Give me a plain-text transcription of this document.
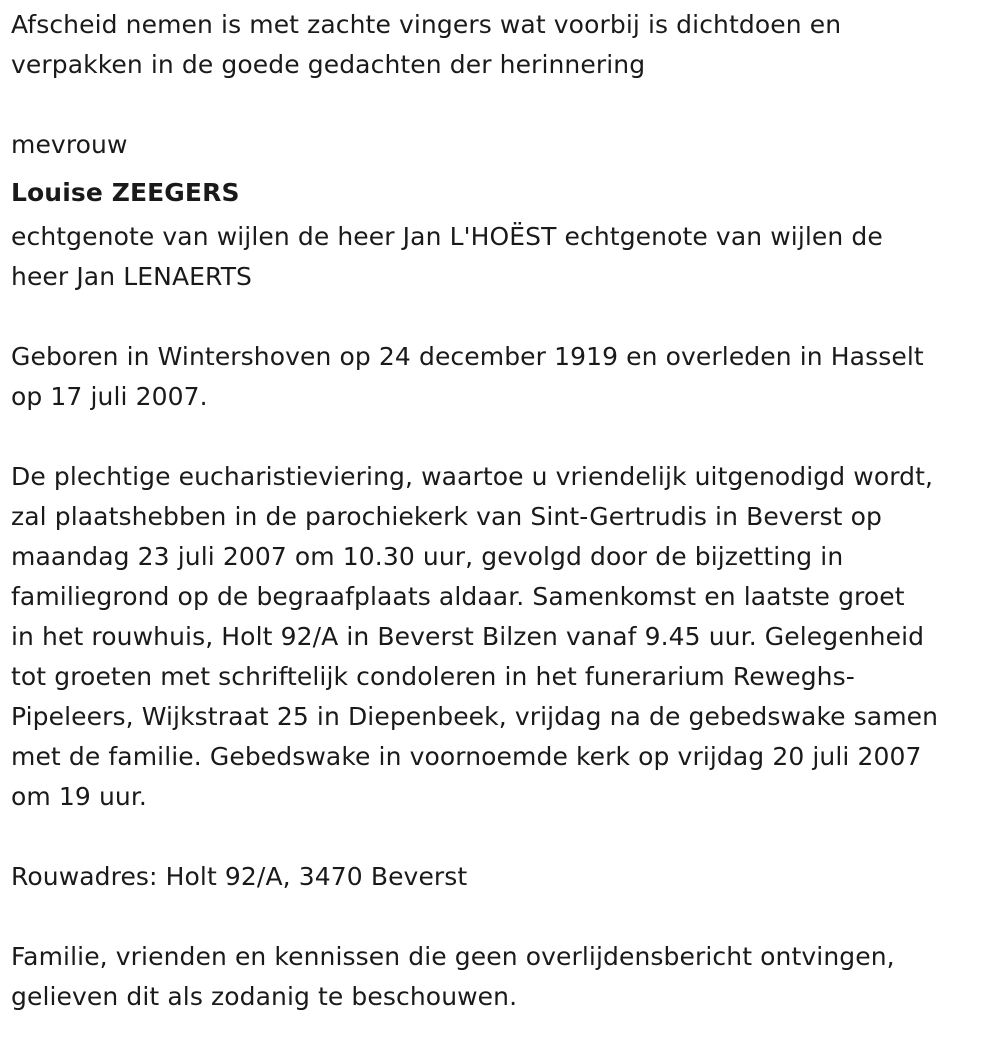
Afscheid nemen is met zachte vingers wat voorbij is dichtdoen en
verpakken in de goede gedachten der herinnering

mevrouw

Louise ZEEGERS

echtgenote van wijlen de heer Jan L'HOËST echtgenote van wijlen de
heer Jan LENAERTS

Geboren in Wintershoven op 24 december 1919 en overleden in Hasselt
op 17 juli 2007.

De plechtige eucharistieviering, waartoe u vriendelijk uitgenodigd wordt,
zal plaatshebben in de parochiekerk van Sint-Gertrudis in Beverst op
maandag 23 juli 2007 om 10.30 uur, gevolgd door de bijzetting in
familiegrond op de begraafplaats aldaar. Samenkomst en laatste groet
in het rouwhuis, Holt 92/A in Beverst Bilzen vanaf 9.45 uur. Gelegenheid
tot groeten met schriftelijk condoleren in het funerarium Reweghs-
Pipeleers, Wijkstraat 25 in Diepenbeek, vrijdag na de gebedswake samen
met de familie. Gebedswake in voornoemde kerk op vrijdag 20 juli 2007
om 19 uur.

Rouwadres: Holt 92/A, 3470 Beverst

Familie, vrienden en kennissen die geen overlijdensbericht ontvingen,
gelieven dit als zodanig te beschouwen.
